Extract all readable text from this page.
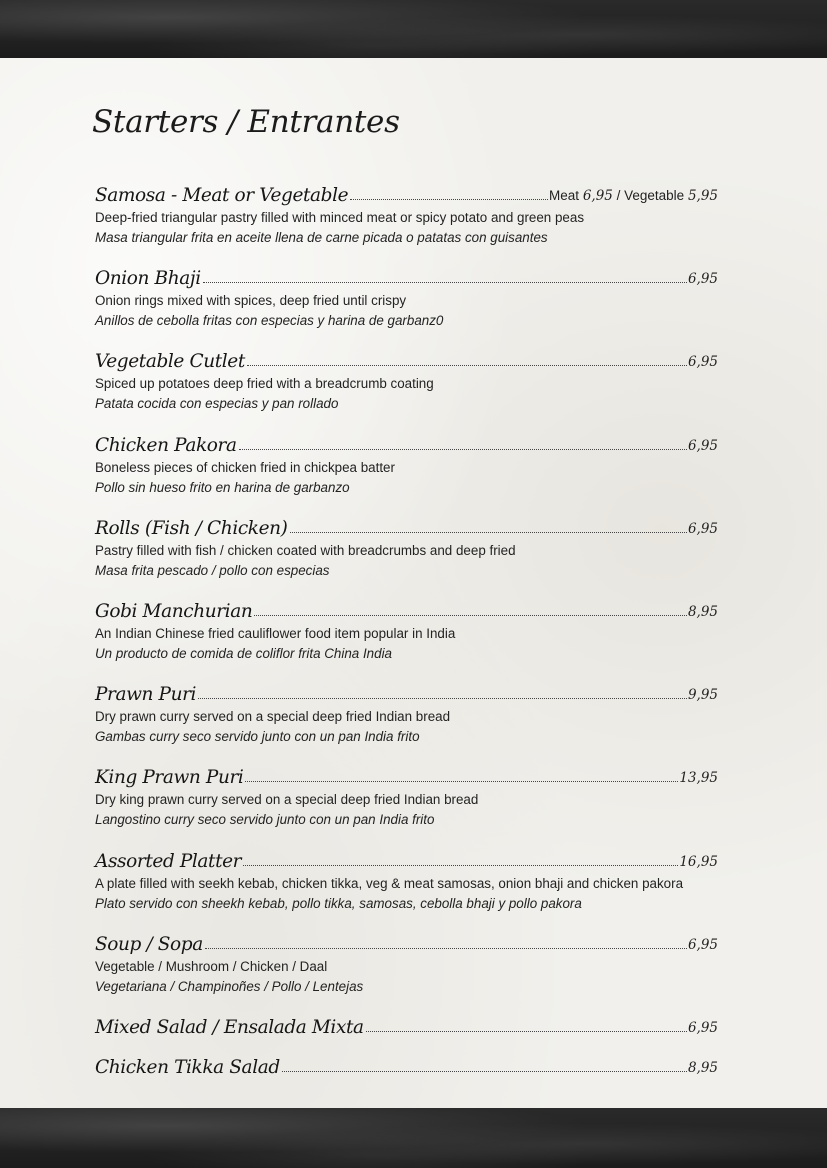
Starters / Entrantes
Samosa - Meat or Vegetable	Meat 6,95 / Vegetable 5,95
Deep-fried triangular pastry filled with minced meat or spicy potato and green peas
Masa triangular frita en aceite llena de carne picada o patatas con guisantes
Onion Bhaji	6,95
Onion rings mixed with spices, deep fried until crispy
Anillos de cebolla fritas con especias y harina de garbanz0
Vegetable Cutlet	6,95
Spiced up potatoes deep fried with a breadcrumb coating
Patata cocida con especias y pan rollado
Chicken Pakora	6,95
Boneless pieces of chicken fried in chickpea batter
Pollo sin hueso frito en harina de garbanzo
Rolls (Fish / Chicken)	6,95
Pastry filled with fish / chicken coated with breadcrumbs and deep fried
Masa frita pescado / pollo con especias
Gobi Manchurian	8,95
An Indian Chinese fried cauliflower food item popular in India
Un producto de comida de coliflor frita China India
Prawn Puri	9,95
Dry prawn curry served on a special deep fried Indian bread
Gambas curry seco servido junto con un pan India frito
King Prawn Puri	13,95
Dry king prawn curry served on a special deep fried Indian bread
Langostino curry seco servido junto con un pan India frito
Assorted Platter	16,95
A plate filled with seekh kebab, chicken tikka, veg & meat samosas, onion bhaji and chicken pakora
Plato servido con sheekh kebab, pollo tikka, samosas, cebolla bhaji y pollo pakora
Soup / Sopa	6,95
Vegetable / Mushroom / Chicken / Daal
Vegetariana / Champinoñes / Pollo / Lentejas
Mixed Salad / Ensalada Mixta	6,95
Chicken Tikka Salad	8,95
